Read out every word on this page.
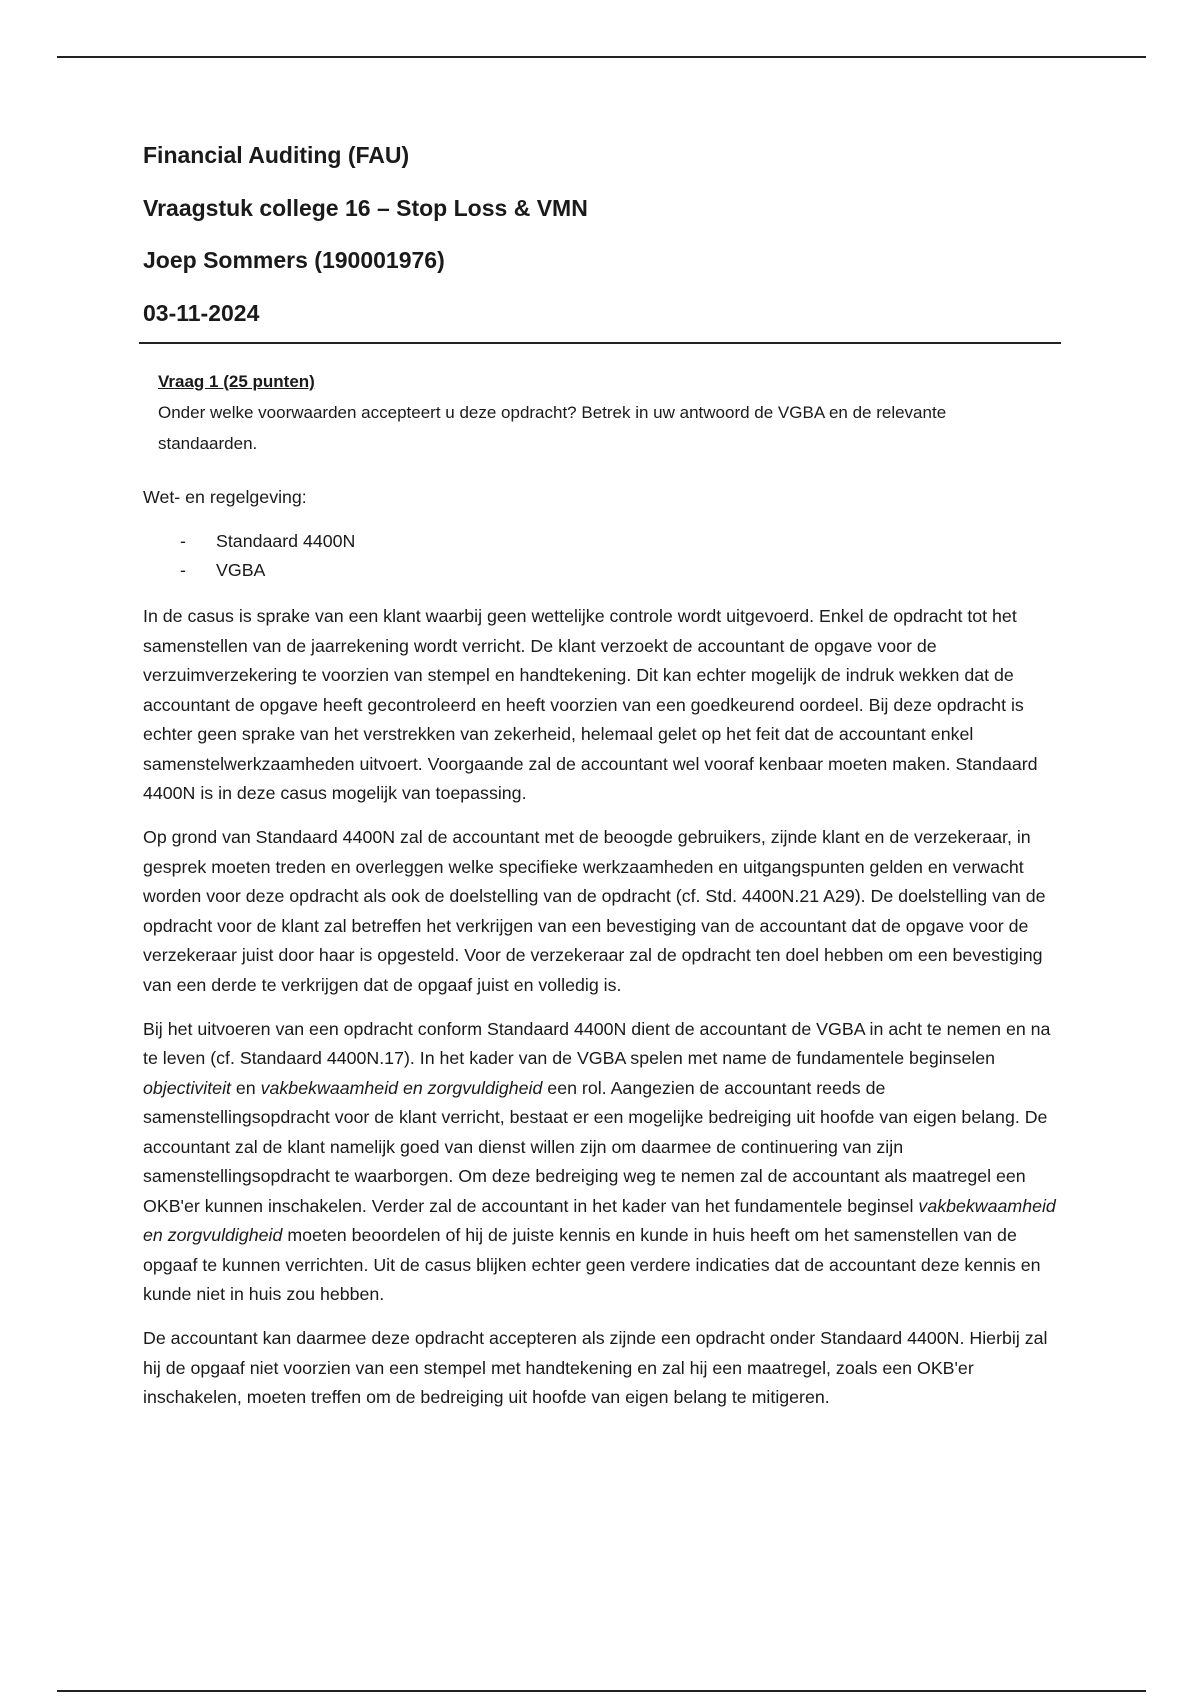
Financial Auditing (FAU)
Vraagstuk college 16 – Stop Loss & VMN
Joep Sommers (190001976)
03-11-2024
Vraag 1 (25 punten)
Onder welke voorwaarden accepteert u deze opdracht? Betrek in uw antwoord de VGBA en de relevante standaarden.

Wet- en regelgeving:

- Standaard 4400N
- VGBA

In de casus is sprake van een klant waarbij geen wettelijke controle wordt uitgevoerd. Enkel de opdracht tot het samenstellen van de jaarrekening wordt verricht. De klant verzoekt de accountant de opgave voor de verzuimverzekering te voorzien van stempel en handtekening. Dit kan echter mogelijk de indruk wekken dat de accountant de opgave heeft gecontroleerd en heeft voorzien van een goedkeurend oordeel. Bij deze opdracht is echter geen sprake van het verstrekken van zekerheid, helemaal gelet op het feit dat de accountant enkel samenstelwerkzaamheden uitvoert. Voorgaande zal de accountant wel vooraf kenbaar moeten maken. Standaard 4400N is in deze casus mogelijk van toepassing.

Op grond van Standaard 4400N zal de accountant met de beoogde gebruikers, zijnde klant en de verzekeraar, in gesprek moeten treden en overleggen welke specifieke werkzaamheden en uitgangspunten gelden en verwacht worden voor deze opdracht als ook de doelstelling van de opdracht (cf. Std. 4400N.21 A29). De doelstelling van de opdracht voor de klant zal betreffen het verkrijgen van een bevestiging van de accountant dat de opgave voor de verzekeraar juist door haar is opgesteld. Voor de verzekeraar zal de opdracht ten doel hebben om een bevestiging van een derde te verkrijgen dat de opgaaf juist en volledig is.

Bij het uitvoeren van een opdracht conform Standaard 4400N dient de accountant de VGBA in acht te nemen en na te leven (cf. Standaard 4400N.17). In het kader van de VGBA spelen met name de fundamentele beginselen objectiviteit en vakbekwaamheid en zorgvuldigheid een rol. Aangezien de accountant reeds de samenstellingsopdracht voor de klant verricht, bestaat er een mogelijke bedreiging uit hoofde van eigen belang. De accountant zal de klant namelijk goed van dienst willen zijn om daarmee de continuering van zijn samenstellingsopdracht te waarborgen. Om deze bedreiging weg te nemen zal de accountant als maatregel een OKB'er kunnen inschakelen. Verder zal de accountant in het kader van het fundamentele beginsel vakbekwaamheid en zorgvuldigheid moeten beoordelen of hij de juiste kennis en kunde in huis heeft om het samenstellen van de opgaaf te kunnen verrichten. Uit de casus blijken echter geen verdere indicaties dat de accountant deze kennis en kunde niet in huis zou hebben.

De accountant kan daarmee deze opdracht accepteren als zijnde een opdracht onder Standaard 4400N. Hierbij zal hij de opgaaf niet voorzien van een stempel met handtekening en zal hij een maatregel, zoals een OKB'er inschakelen, moeten treffen om de bedreiging uit hoofde van eigen belang te mitigeren.
